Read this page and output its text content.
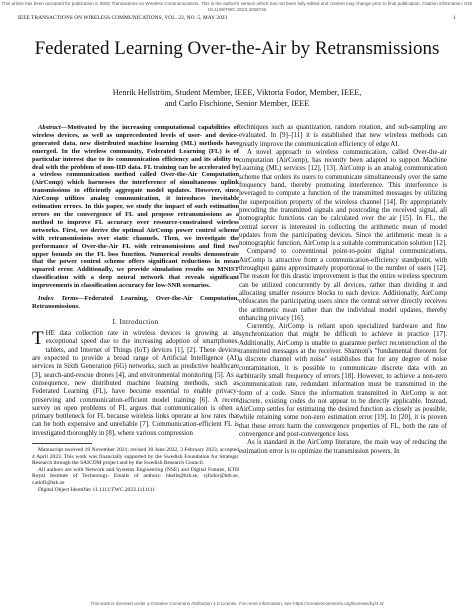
This article has been accepted for publication in IEEE Transactions on Wireless Communications. This is the author's version which has not been fully edited and content may change prior to final publication. Citation information: DOI 10.1109/TWC.2023.3268742
IEEE TRANSACTIONS ON WIRELESS COMMUNICATIONS, VOL. 22, NO. 5, MAY 2023	1
Federated Learning Over-the-Air by Retransmissions
Henrik Hellström, Student Member, IEEE, Viktoria Fodor, Member, IEEE,
and Carlo Fischione, Senior Member, IEEE

Abstract—Motivated by the increasing computational capabilities of wireless devices, as well as unprecedented levels of user- and device-generated data, new distributed machine learning (ML) methods have emerged. In the wireless community, Federated Learning (FL) is of particular interest due to its communication efficiency and its ability to deal with the problem of non-IID data. FL training can be accelerated by a wireless communication method called Over-the-Air Computation (AirComp) which harnesses the interference of simultaneous uplink transmissions to efficiently aggregate model updates. However, since AirComp utilizes analog communication, it introduces inevitable estimation errors. In this paper, we study the impact of such estimation errors on the convergence of FL and propose retransmissions as a method to improve FL accuracy over resource-constrained wireless networks. First, we derive the optimal AirComp power control scheme with retransmissions over static channels. Then, we investigate the performance of Over-the-Air FL with retransmissions and find two upper bounds on the FL loss function. Numerical results demonstrate that the power control scheme offers significant reductions in mean squared error. Additionally, we provide simulation results on MNIST classification with a deep neural network that reveals significant improvements in classification accuracy for low-SNR scenarios.

Index Terms—Federated Learning, Over-the-Air Computation, Retransmissions.

I. Introduction

THE data collection rate in wireless devices is growing at an exceptional speed due to the increasing adoption of smartphones, tablets, and Internet of Things (IoT) devices [1], [2]. These devices are expected to provide a broad range of Artificial Intelligence (AI) services in Sixth Generation (6G) networks, such as predictive healthcare [3], search-and-rescue drones [4], and environmental monitoring [5]. As a consequence, new distributed machine learning methods, such as Federated Learning (FL), have become essential to enable privacy-preserving and communication-efficient model training [6]. A recent survey on open problems of FL argues that communication is often a primary bottleneck for FL because wireless links operate at low rates that can be both expensive and unreliable [7]. Communication-efficient FL is investigated thoroughly in [8], where various compression

Manuscript received 19 November 2021; revised 30 June 2022, 3 February 2023; accepted 4 April 2023. This work was financially supported by the Swedish Foundation for Strategic Research through the SAICOM project and by the Swedish Research Council.

All authors are with Network and Systems Engineering (NSE) and Digital Futures, KTH Royal Institute of Technology. Emails of authors: hhells@kth.se, vjfodor@kth.se, carlofi@kth.se

Digital Object Identifier 11.1111/TWC.2023.1111111

techniques such as quantization, random rotation, and sub-sampling are evaluated. In [9]–[11] it is established that new wireless methods can greatly improve the communication efficiency of edge AI.

A novel approach to wireless communication, called Over-the-air computation (AirComp), has recently been adapted to support Machine Learning (ML) services [12], [13]. AirComp is an analog communication scheme that orders its users to communicate simultaneously over the same frequency band, thereby promoting interference. This interference is leveraged to compute a function of the transmitted messages by utilizing the superposition property of the wireless channel [14]. By appropriately precoding the transmitted signals and postcoding the received signal, all nomographic functions can be calculated over the air [15]. In FL, the central server is interested in collecting the arithmetic mean of model updates from the participating devices. Since the arithmetic mean is a nomographic function, AirComp is a suitable communication solution [12].

Compared to conventional point-to-point digital communications, AirComp is attractive from a communication-efficiency standpoint, with throughput gains approximately proportional to the number of users [12]. The reason for this drastic improvement is that the entire wireless spectrum can be utilized concurrently by all devices, rather than dividing it and allocating smaller resource blocks to each device. Additionally, AirComp obfuscates the participating users since the central server directly receives the arithmetic mean rather than the individual model updates, thereby enhancing privacy [16].

Currently, AirComp is reliant upon specialized hardware and fine synchronization that might be difficult to achieve in practice [17]. Additionally, AirComp is unable to guarantee perfect reconstruction of the transmitted messages at the receiver. Shannon's "fundamental theorem for a discrete channel with noise" establishes that for any degree of noise contamination, it is possible to communicate discrete data with an arbitrarily small frequency of errors [18]. However, to achieve a non-zero communication rate, redundant information must be transmitted in the form of a code. Since the information transmitted in AirComp is not discrete, existing codes do not appear to be directly applicable. Instead, AirComp settles for estimating the desired function as closely as possible, while retaining some non-zero estimation error [19]. In [20], it is proven that these errors harm the convergence properties of FL, both the rate of convergence and post-convergence loss.

As is standard in the AirComp literature, the main way of reducing the estimation error is to optimize the transmission powers. In

This work is licensed under a Creative Commons Attribution 4.0 License. For more information, see https://creativecommons.org/licenses/by/4.0/
